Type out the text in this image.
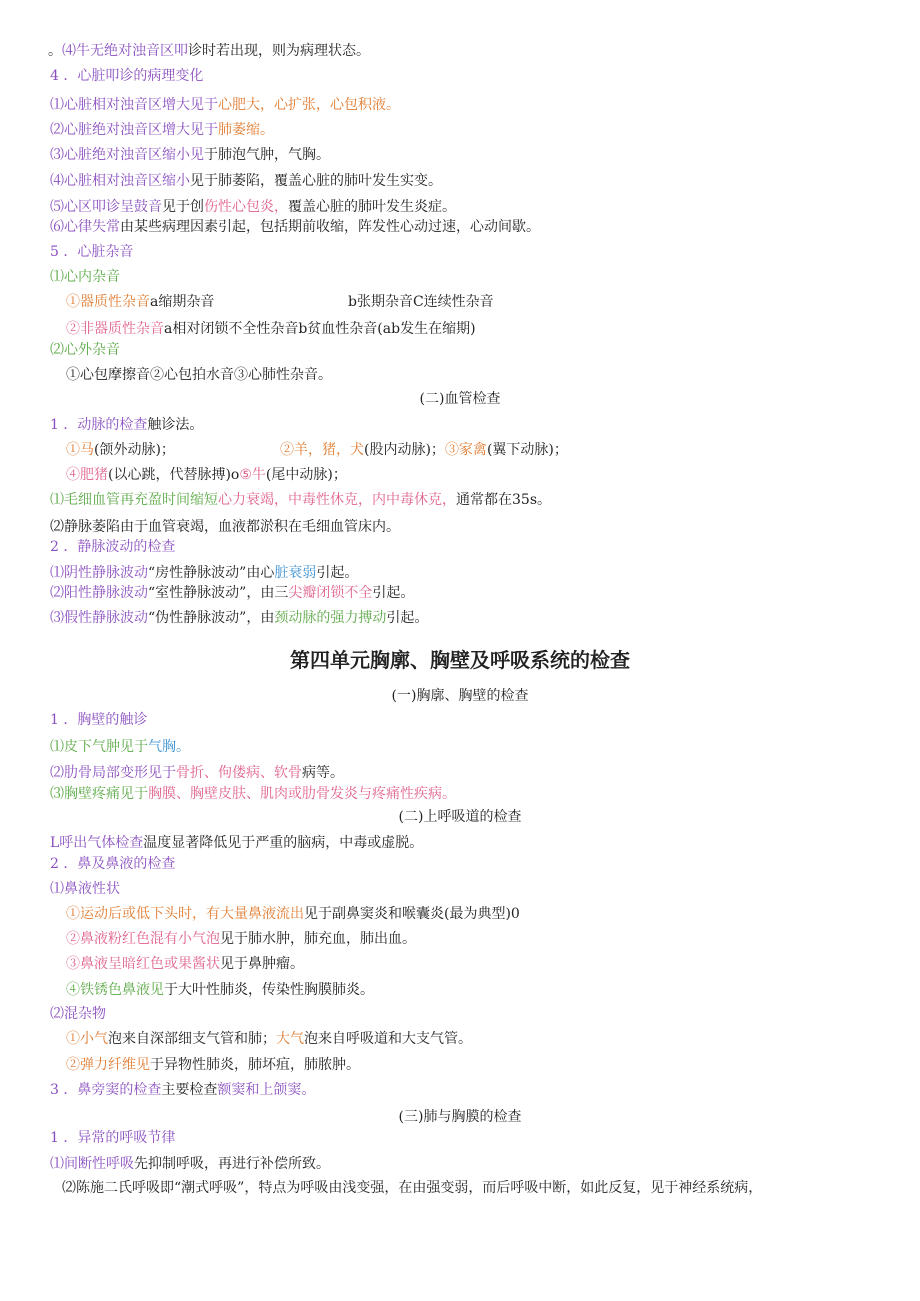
。⑷牛无绝对浊音区叩诊时若出现，则为病理状态。
4 ．心脏叩诊的病理变化
⑴心脏相对浊音区增大见于心肥大，心扩张，心包积液。
⑵心脏绝对浊音区增大见于肺萎缩。
⑶心脏绝对浊音区缩小见于肺泡气肿，气胸。
⑷心脏相对浊音区缩小见于肺萎陷，覆盖心脏的肺叶发生实变。
⑸心区叩诊呈鼓音见于创伤性心包炎，覆盖心脏的肺叶发生炎症。
⑹心律失常由某些病理因素引起，包括期前收缩，阵发性心动过速，心动间歇。
5 ．心脏杂音
⑴心内杂音
①器质性杂音a缩期杂音	b张期杂音C连续性杂音
②非器质性杂音a相对闭锁不全性杂音b贫血性杂音(ab发生在缩期)
⑵心外杂音
①心包摩擦音②心包拍水音③心肺性杂音。
(二)血管检查
1 ．动脉的检查触诊法。
①马(颌外动脉)；	②羊，猪，犬(股内动脉)；③家禽(翼下动脉)；
④肥猪(以心跳，代替脉搏)o⑤牛(尾中动脉)；
⑴毛细血管再充盈时间缩短心力衰竭，中毒性休克，内中毒休克，通常都在35s。
⑵静脉萎陷由于血管衰竭，血液都淤积在毛细血管床内。
2 ．静脉波动的检查
⑴阴性静脉波动“房性静脉波动”由心脏衰弱引起。
⑵阳性静脉波动“室性静脉波动”，由三尖瓣闭锁不全引起。
⑶假性静脉波动“伪性静脉波动”，由颈动脉的强力搏动引起。
第四单元胸廓、胸壁及呼吸系统的检查
(一)胸廓、胸壁的检查
1 ．胸壁的触诊
⑴皮下气肿见于气胸。
⑵肋骨局部变形见于骨折、佝偻病、软骨病等。
⑶胸壁疼痛见于胸膜、胸壁皮肤、肌肉或肋骨发炎与疼痛性疾病。
(二)上呼吸道的检查
L呼出气体检查温度显著降低见于严重的脑病，中毒或虚脱。
2 ．鼻及鼻液的检查
⑴鼻液性状
①运动后或低下头时，有大量鼻液流出见于副鼻窦炎和喉囊炎(最为典型)0
②鼻液粉红色混有小气泡见于肺水肿，肺充血，肺出血。
③鼻液呈暗红色或果酱状见于鼻肿瘤。
④铁锈色鼻液见于大叶性肺炎，传染性胸膜肺炎。
⑵混杂物
①小气泡来自深部细支气管和肺；大气泡来自呼吸道和大支气管。
②弹力纤维见于异物性肺炎，肺坏疽，肺脓肿。
3 ．鼻旁窦的检查主要检查额窦和上颌窦。
(三)肺与胸膜的检查
1 ．异常的呼吸节律
⑴间断性呼吸先抑制呼吸，再进行补偿所致。
⑵陈施二氏呼吸即“潮式呼吸”，特点为呼吸由浅变强，在由强变弱，而后呼吸中断，如此反复，见于神经系统病，
